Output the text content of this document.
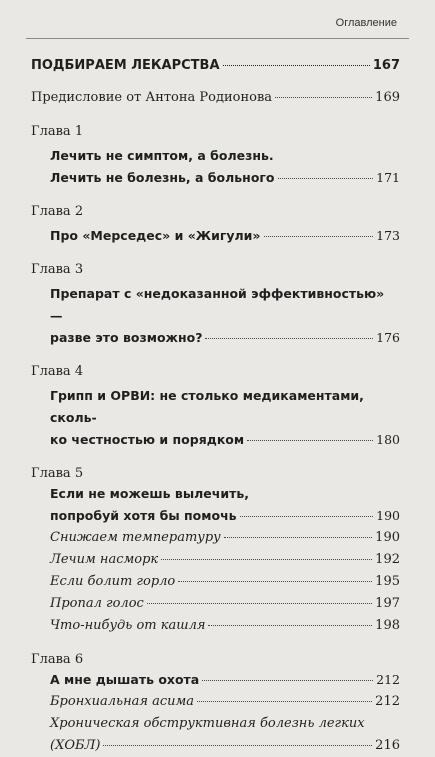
Оглавление
ПОДБИРАЕМ ЛЕКАРСТВА	167
Предисловие от Антона Родионова	169
Глава 1
Лечить не симптом, а болезнь.
Лечить не болезнь, а больного	171
Глава 2
Про «Мерседес» и «Жигули»	173
Глава 3
Препарат с «недоказанной эффективностью» —
разве это возможно?	176
Глава 4
Грипп и ОРВИ: не столько медикаментами, сколь-
ко честностью и порядком	180
Глава 5
Если не можешь вылечить,
попробуй хотя бы помочь	190
Снижаем температуру	190
Лечим насморк	192
Если болит горло	195
Пропал голос	197
Что-нибудь от кашля	198
Глава 6
А мне дышать охота	212
Бронхиальная асима	212
Хроническая обструктивная болезнь легких
(ХОБЛ)	216
